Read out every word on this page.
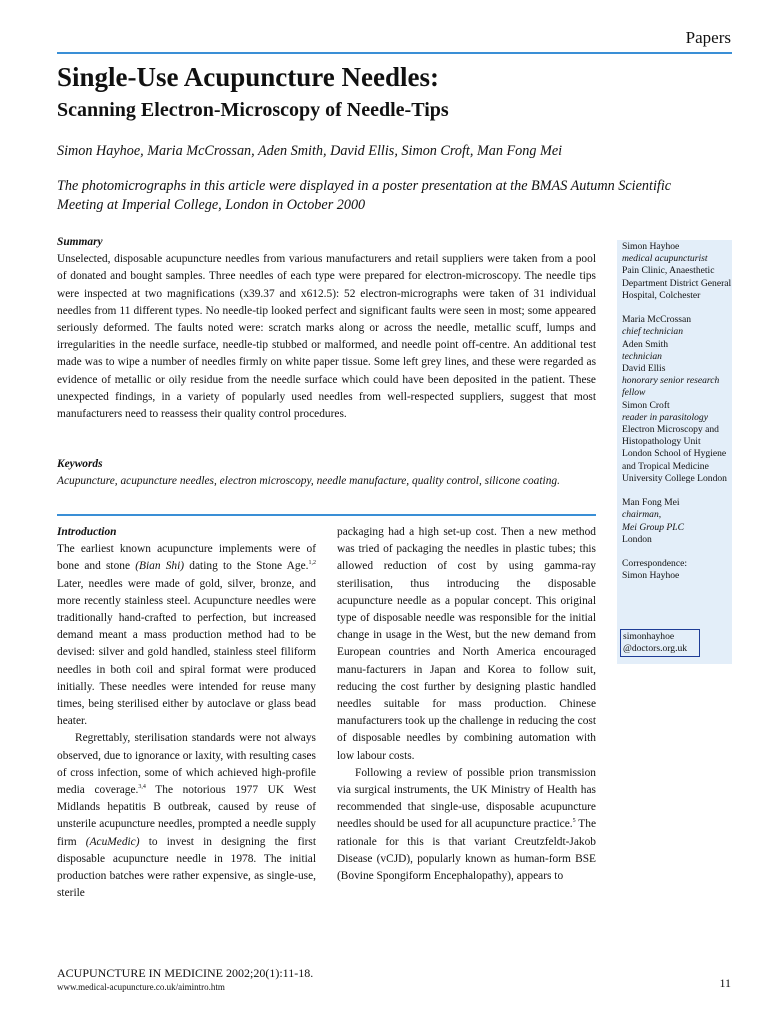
Papers
Single-Use Acupuncture Needles:
Scanning Electron-Microscopy of Needle-Tips
Simon Hayhoe, Maria McCrossan, Aden Smith, David Ellis, Simon Croft, Man Fong Mei
The photomicrographs in this article were displayed in a poster presentation at the BMAS Autumn Scientific Meeting at Imperial College, London in October 2000
Summary
Unselected, disposable acupuncture needles from various manufacturers and retail suppliers were taken from a pool of donated and bought samples. Three needles of each type were prepared for electron-microscopy. The needle tips were inspected at two magnifications (x39.37 and x612.5): 52 electron-micrographs were taken of 31 individual needles from 11 different types. No needle-tip looked perfect and significant faults were seen in most; some appeared seriously deformed. The faults noted were: scratch marks along or across the needle, metallic scuff, lumps and irregularities in the needle surface, needle-tip stubbed or malformed, and needle point off-centre. An additional test made was to wipe a number of needles firmly on white paper tissue. Some left grey lines, and these were regarded as evidence of metallic or oily residue from the needle surface which could have been deposited in the patient. These unexpected findings, in a variety of popularly used needles from well-respected suppliers, suggest that most manufacturers need to reassess their quality control procedures.
Keywords
Acupuncture, acupuncture needles, electron microscopy, needle manufacture, quality control, silicone coating.
Introduction

The earliest known acupuncture implements were of bone and stone (Bian Shi) dating to the Stone Age.$^{1,2}$ Later, needles were made of gold, silver, bronze, and more recently stainless steel. Acupuncture needles were traditionally hand-crafted to perfection, but increased demand meant a mass production method had to be devised: silver and gold handled, stainless steel filiform needles in both coil and spiral format were produced initially. These needles were intended for reuse many times, being sterilised either by autoclave or glass bead heater.

Regrettably, sterilisation standards were not always observed, due to ignorance or laxity, with resulting cases of cross infection, some of which achieved high-profile media coverage.$^{3,4}$ The notorious 1977 UK West Midlands hepatitis B outbreak, caused by reuse of unsterile acupuncture needles, prompted a needle supply firm (AcuMedic) to invest in designing the first disposable acupuncture needle in 1978. The initial production batches were rather expensive, as single-use, sterile

packaging had a high set-up cost. Then a new method was tried of packaging the needles in plastic tubes; this allowed reduction of cost by using gamma-ray sterilisation, thus introducing the disposable acupuncture needle as a popular concept. This original type of disposable needle was responsible for the initial change in usage in the West, but the new demand from European countries and North America encouraged manu-facturers in Japan and Korea to follow suit, reducing the cost further by designing plastic handled needles suitable for mass production. Chinese manufacturers took up the challenge in reducing the cost of disposable needles by combining automation with low labour costs.

Following a review of possible prion transmission via surgical instruments, the UK Ministry of Health has recommended that single-use, disposable acupuncture needles should be used for all acupuncture practice.$^5$ The rationale for this is that variant Creutzfeldt-Jakob Disease (vCJD), popularly known as human-form BSE (Bovine Spongiform Encephalopathy), appears to

Simon Hayhoe
medical acupuncturist
Pain Clinic, Anaesthetic Department District General Hospital, Colchester
Maria McCrossan
chief technician
Aden Smith
technician
David Ellis
honorary senior research fellow
Simon Croft
reader in parasitology
Electron Microscopy and Histopathology Unit London School of Hygiene and Tropical Medicine University College London
Man Fong Mei
chairman,
Mei Group PLC
London
Correspondence:
Simon Hayhoe
simonhayhoe
@doctors.org.uk
ACUPUNCTURE IN MEDICINE 2002;20(1):11-18.
www.medical-acupuncture.co.uk/aimintro.htm	11
